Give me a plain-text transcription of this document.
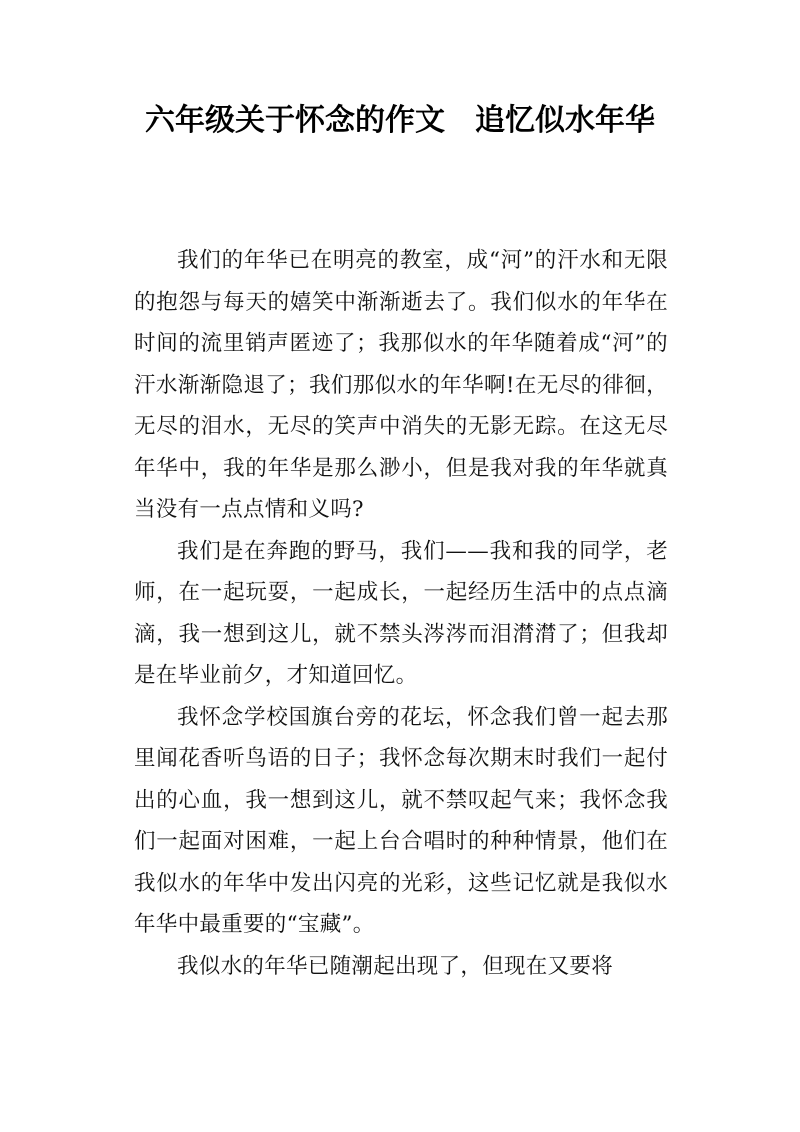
六年级关于怀念的作文 追忆似水年华

我们的年华已在明亮的教室，成“河”的汗水和无限的抱怨与每天的嬉笑中渐渐逝去了。我们似水的年华在时间的流里销声匿迹了；我那似水的年华随着成“河”的汗水渐渐隐退了；我们那似水的年华啊!在无尽的徘徊，无尽的泪水，无尽的笑声中消失的无影无踪。在这无尽年华中，我的年华是那么渺小，但是我对我的年华就真当没有一点点情和义吗?

我们是在奔跑的野马，我们——我和我的同学，老师，在一起玩耍，一起成长，一起经历生活中的点点滴滴，我一想到这儿，就不禁头涔涔而泪潸潸了；但我却是在毕业前夕，才知道回忆。

我怀念学校国旗台旁的花坛，怀念我们曾一起去那里闻花香听鸟语的日子；我怀念每次期末时我们一起付出的心血，我一想到这儿，就不禁叹起气来；我怀念我们一起面对困难，一起上台合唱时的种种情景，他们在我似水的年华中发出闪亮的光彩，这些记忆就是我似水年华中最重要的“宝藏”。

我似水的年华已随潮起出现了，但现在又要将
